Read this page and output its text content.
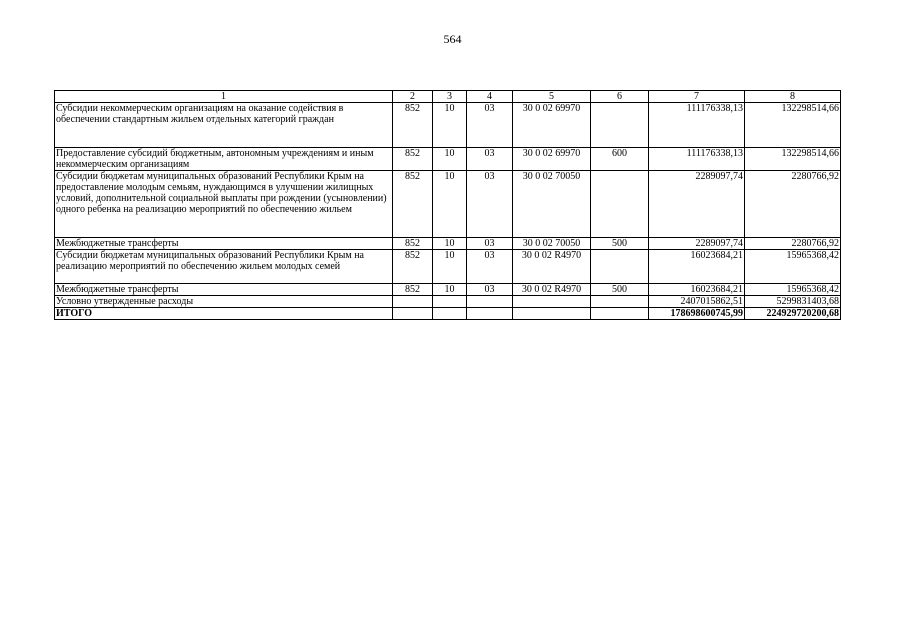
564
1	2	3	4	5	6	7	8
Субсидии некоммерческим организациям на оказание содействия в обеспечении стандартным жильем отдельных категорий граждан	852	10	03	30 0 02 69970		111176338,13	132298514,66
Предоставление субсидий бюджетным, автономным учреждениям и иным некоммерческим организациям	852	10	03	30 0 02 69970	600	111176338,13	132298514,66
Субсидии бюджетам муниципальных образований Республики Крым на предоставление молодым семьям, нуждающимся в улучшении жилищных условий, дополнительной социальной выплаты при рождении (усыновлении) одного ребенка на реализацию мероприятий по обеспечению жильем	852	10	03	30 0 02 70050		2289097,74	2280766,92
Межбюджетные трансферты	852	10	03	30 0 02 70050	500	2289097,74	2280766,92
Субсидии бюджетам муниципальных образований Республики Крым на реализацию мероприятий по обеспечению жильем молодых семей	852	10	03	30 0 02 R4970		16023684,21	15965368,42
Межбюджетные трансферты	852	10	03	30 0 02 R4970	500	16023684,21	15965368,42
Условно утвержденные расходы						2407015862,51	5299831403,68
ИТОГО						178698600745,99	224929720200,68
